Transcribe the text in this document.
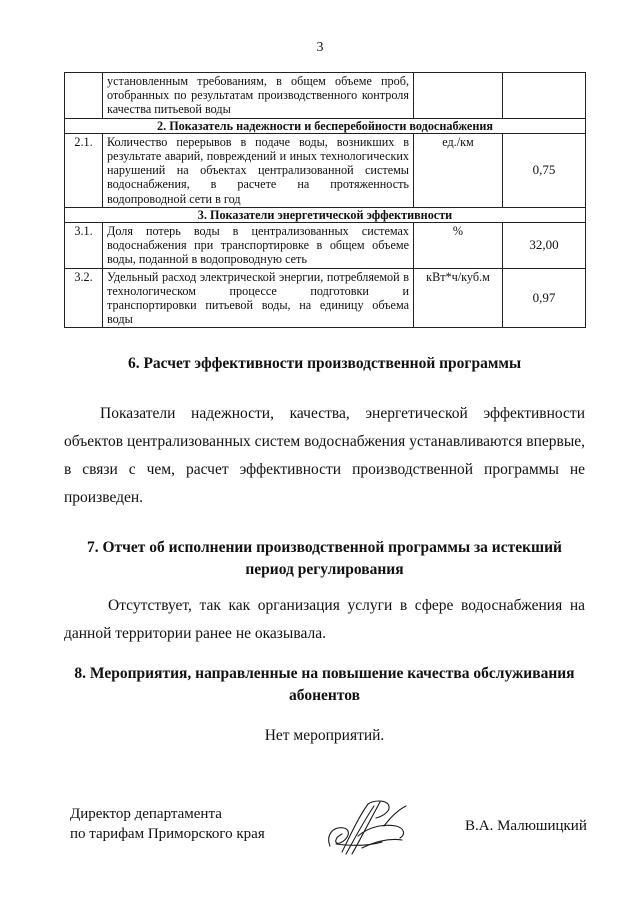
3
	установленным требованиям, в общем объеме проб, отобранных по результатам производственного контроля качества питьевой воды		
2. Показатель надежности и бесперебойности водоснабжения			
2.1.	Количество перерывов в подаче воды, возникших в результате аварий, повреждений и иных технологических нарушений на объектах централизованной системы водоснабжения, в расчете на протяженность водопроводной сети в год	ед./км	0,75
3. Показатели энергетической эффективности			
3.1.	Доля потерь воды в централизованных системах водоснабжения при транспортировке в общем объеме воды, поданной в водопроводную сеть	%	32,00
3.2.	Удельный расход электрической энергии, потребляемой в технологическом процессе подготовки и транспортировки питьевой воды, на единицу объема воды	кВт*ч/куб.м	0,97
6. Расчет эффективности производственной программы
Показатели надежности, качества, энергетической эффективности объектов централизованных систем водоснабжения устанавливаются впервые, в связи с чем, расчет эффективности производственной программы не произведен.
7. Отчет об исполнении производственной программы за истекший период регулирования
Отсутствует, так как организация услуги в сфере водоснабжения на данной территории ранее не оказывала.
8. Мероприятия, направленные на повышение качества обслуживания абонентов
Нет мероприятий.
Директор департамента
по тарифам Приморского края	В.А. Малюшицкий
